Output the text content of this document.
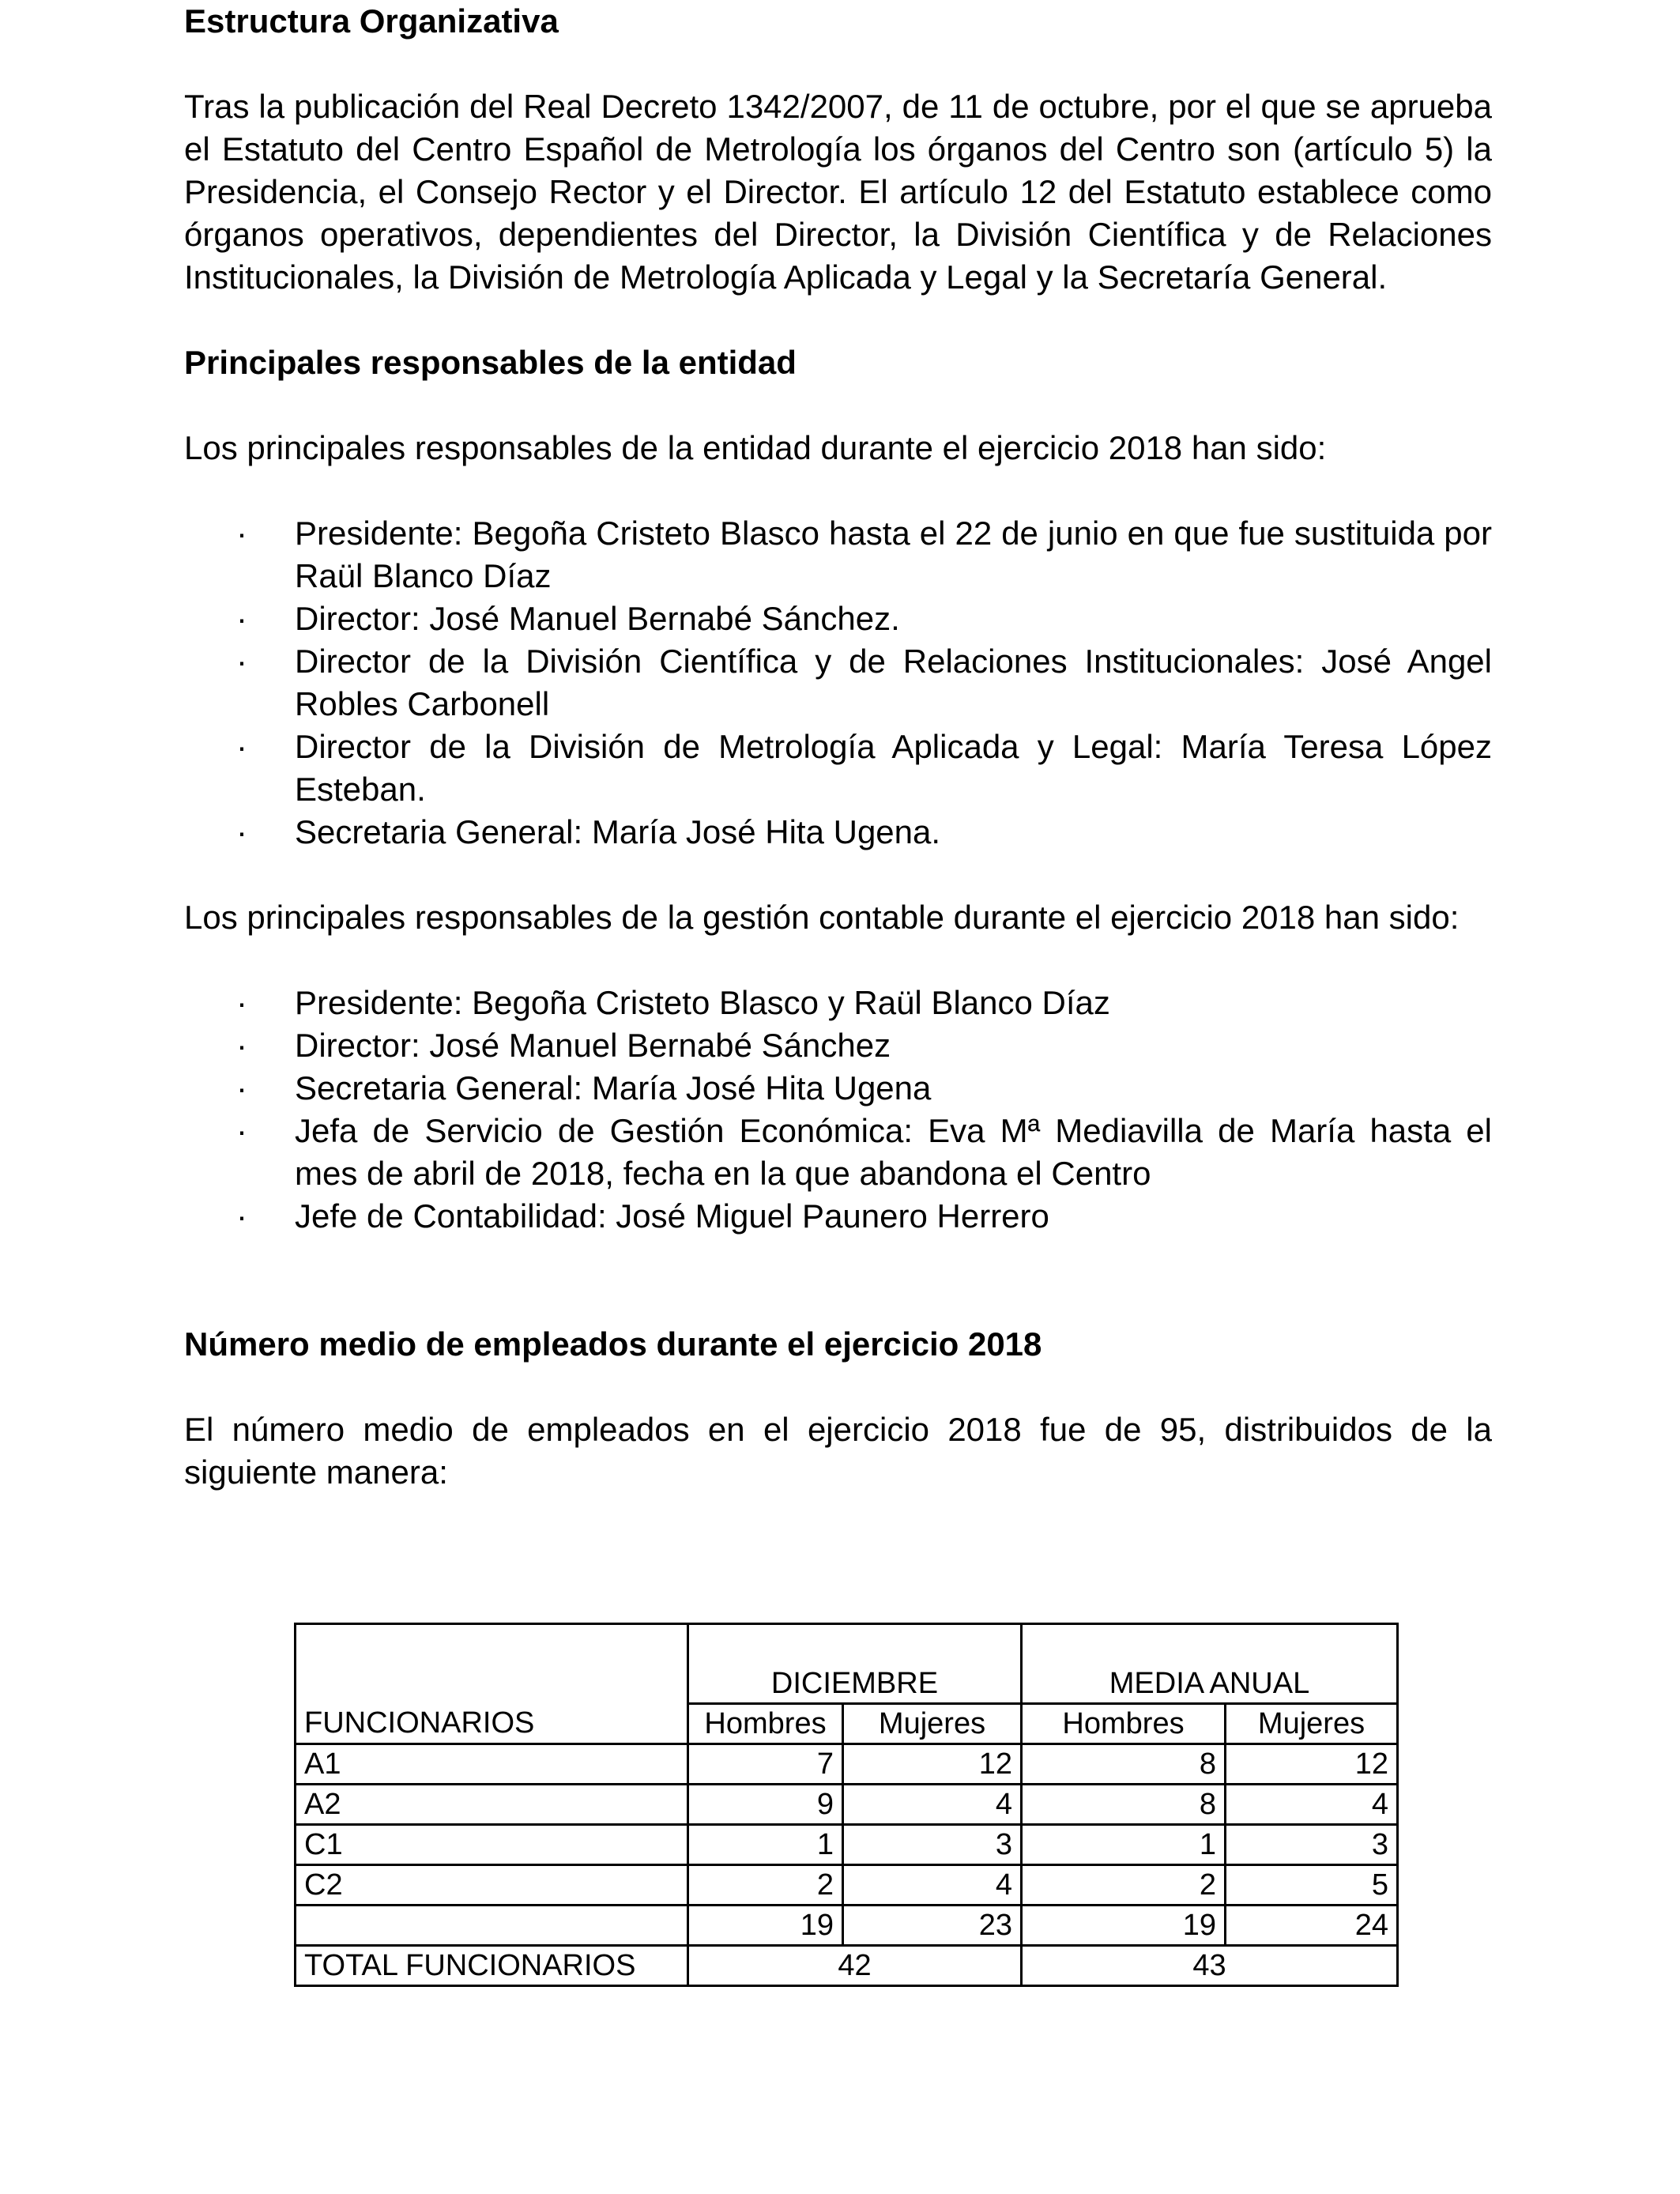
Estructura Organizativa

Tras la publicación del Real Decreto 1342/2007, de 11 de octubre, por el que se aprueba el Estatuto del Centro Español de Metrología los órganos del Centro son (artículo 5) la Presidencia, el Consejo Rector y el Director. El artículo 12 del Estatuto establece como órganos operativos, dependientes del Director, la División Científica y de Relaciones Institucionales, la División de Metrología Aplicada y Legal y la Secretaría General.

Principales responsables de la entidad

Los principales responsables de la entidad durante el ejercicio 2018 han sido:

· Presidente: Begoña Cristeto Blasco hasta el 22 de junio en que fue sustituida por Raül Blanco Díaz
· Director: José Manuel Bernabé Sánchez.
· Director de la División Científica y de Relaciones Institucionales: José Angel Robles Carbonell
· Director de la División de Metrología Aplicada y Legal: María Teresa López Esteban.
· Secretaria General: María José Hita Ugena.

Los principales responsables de la gestión contable durante el ejercicio 2018 han sido:

· Presidente: Begoña Cristeto Blasco y Raül Blanco Díaz
· Director: José Manuel Bernabé Sánchez
· Secretaria General: María José Hita Ugena
· Jefa de Servicio de Gestión Económica: Eva Mª Mediavilla de María hasta el mes de abril de 2018, fecha en la que abandona el Centro
· Jefe de Contabilidad: José Miguel Paunero Herrero
Número medio de empleados durante el ejercicio 2018

El número medio de empleados en el ejercicio 2018 fue de 95, distribuidos de la siguiente manera:

	DICIEMBRE		MEDIA ANUAL	
FUNCIONARIOS	Hombres	Mujeres	Hombres	Mujeres
A1	7	12	8	12
A2	9	4	8	4
C1	1	3	1	3
C2	2	4	2	5
	19	23	19	24
TOTAL FUNCIONARIOS	42		43	
